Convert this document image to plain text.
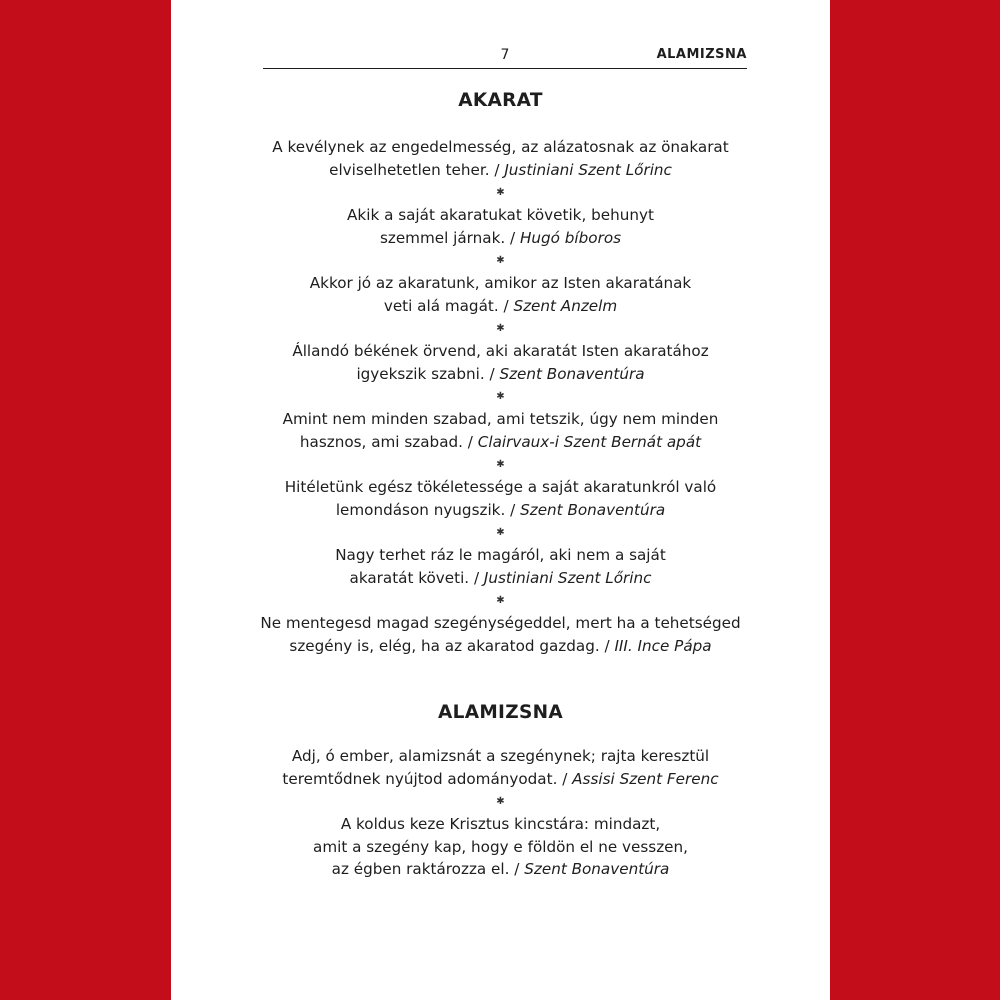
7	ALAMIZSNA
AKARAT
A kevélynek az engedelmesség, az alázatosnak az önakarat
elviselhetetlen teher. / Justiniani Szent Lőrinc
✱
Akik a saját akaratukat követik, behunyt
szemmel járnak. / Hugó bíboros
✱
Akkor jó az akaratunk, amikor az Isten akaratának
veti alá magát. / Szent Anzelm
✱
Állandó békének örvend, aki akaratát Isten akaratához
igyekszik szabni. / Szent Bonaventúra
✱
Amint nem minden szabad, ami tetszik, úgy nem minden
hasznos, ami szabad. / Clairvaux-i Szent Bernát apát
✱
Hitéletünk egész tökéletessége a saját akaratunkról való
lemondáson nyugszik. / Szent Bonaventúra
✱
Nagy terhet ráz le magáról, aki nem a saját
akaratát követi. / Justiniani Szent Lőrinc
✱
Ne mentegesd magad szegénységeddel, mert ha a tehetséged
szegény is, elég, ha az akaratod gazdag. / III. Ince Pápa
ALAMIZSNA
Adj, ó ember, alamizsnát a szegénynek; rajta keresztül
teremtődnek nyújtod adományodat. / Assisi Szent Ferenc
✱
A koldus keze Krisztus kincstára: mindazt,
amit a szegény kap, hogy e földön el ne vesszen,
az égben raktározza el. / Szent Bonaventúra
